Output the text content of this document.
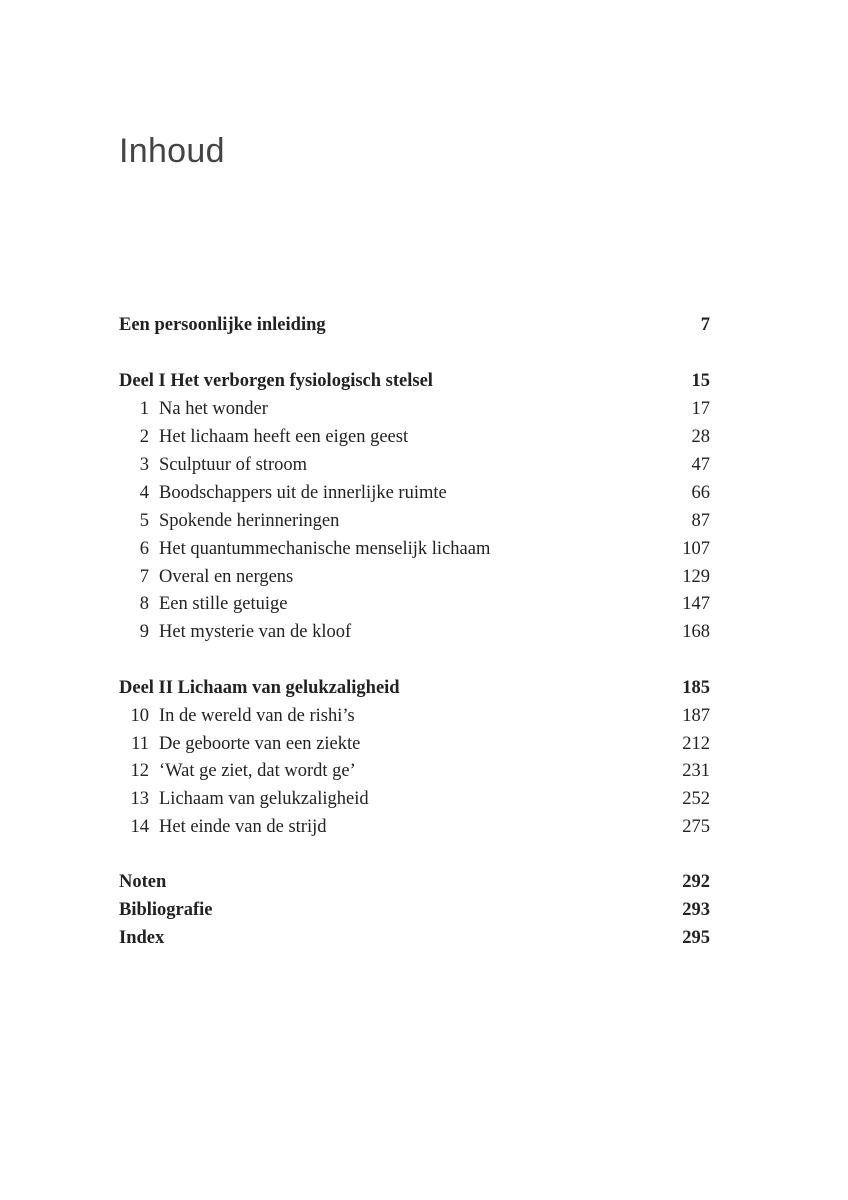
Inhoud
Een persoonlijke inleiding	7
Deel I Het verborgen fysiologisch stelsel	15
1 Na het wonder	17
2 Het lichaam heeft een eigen geest	28
3 Sculptuur of stroom	47
4 Boodschappers uit de innerlijke ruimte	66
5 Spokende herinneringen	87
6 Het quantummechanische menselijk lichaam	107
7 Overal en nergens	129
8 Een stille getuige	147
9 Het mysterie van de kloof	168
Deel II Lichaam van gelukzaligheid	185
10 In de wereld van de rishi’s	187
11 De geboorte van een ziekte	212
12 ‘Wat ge ziet, dat wordt ge’	231
13 Lichaam van gelukzaligheid	252
14 Het einde van de strijd	275
Noten	292
Bibliografie	293
Index	295
